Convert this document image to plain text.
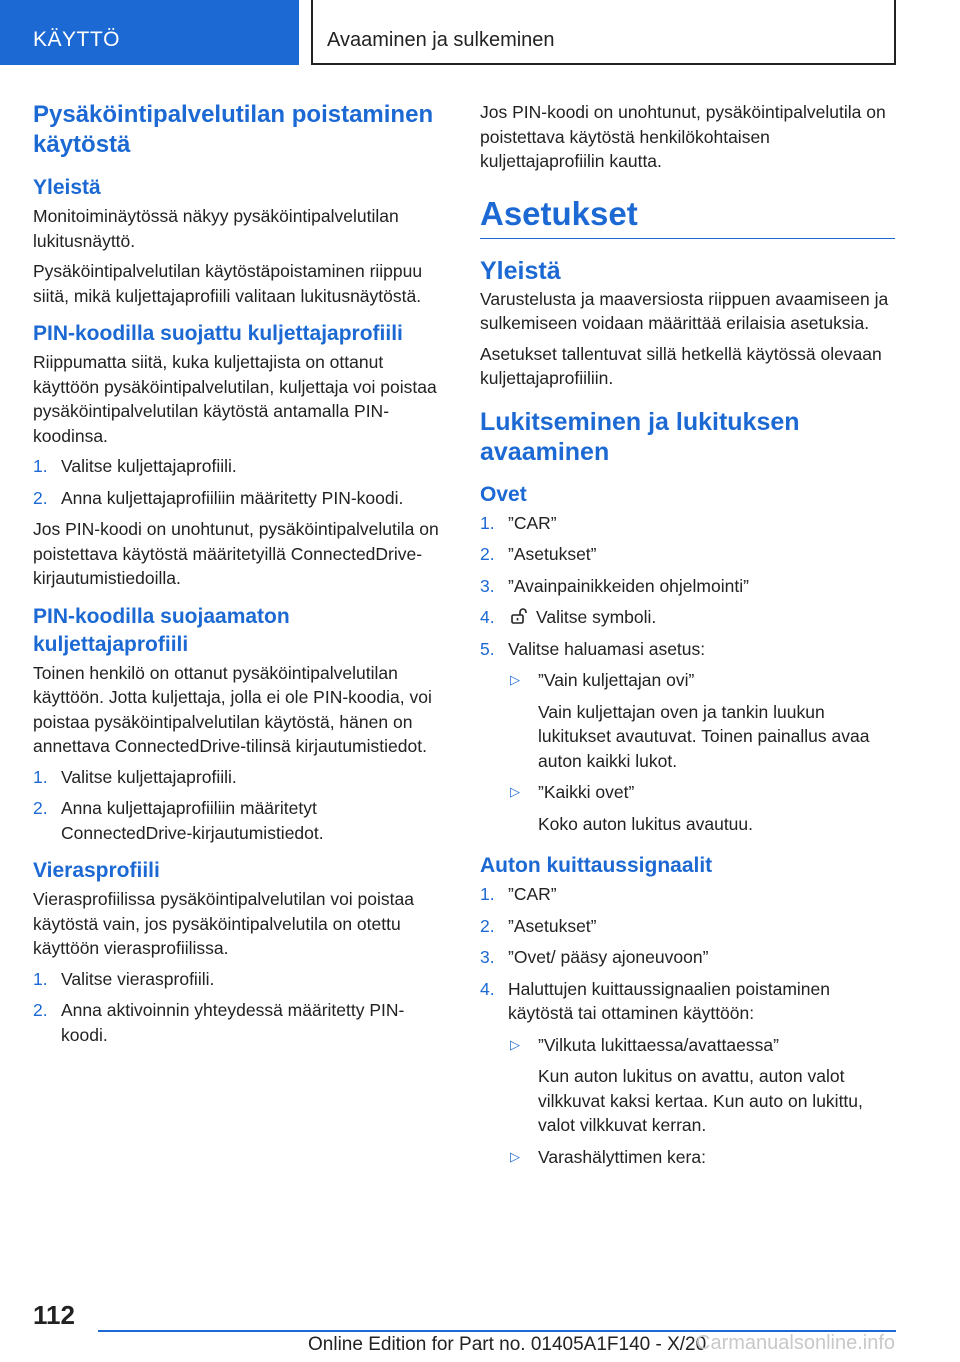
KÄYTTÖ	Avaaminen ja sulkeminen
Pysäköintipalvelutilan poistaminen käytöstä
Yleistä

Monitoiminäytössä näkyy pysäköintipalvelutilan lukitusnäyttö.

Pysäköintipalvelutilan käytöstäpoistaminen riippuu siitä, mikä kuljettajaprofiili valitaan lukitusnäytöstä.

PIN-koodilla suojattu kuljettajaprofiili

Riippumatta siitä, kuka kuljettajista on ottanut käyttöön pysäköintipalvelutilan, kuljettaja voi poistaa pysäköintipalvelutilan käytöstä antamalla PIN-koodinsa.

1. Valitse kuljettajaprofiili.
2. Anna kuljettajaprofiiliin määritetty PIN-koodi.

Jos PIN-koodi on unohtunut, pysäköintipalvelutila on poistettava käytöstä määritetyillä ConnectedDrive-kirjautumistiedoilla.

PIN-koodilla suojaamaton kuljettajaprofiili

Toinen henkilö on ottanut pysäköintipalvelutilan käyttöön. Jotta kuljettaja, jolla ei ole PIN-koodia, voi poistaa pysäköintipalvelutilan käytöstä, hänen on annettava ConnectedDrive-tilinsä kirjautumistiedot.

1. Valitse kuljettajaprofiili.
2. Anna kuljettajaprofiiliin määritetyt ConnectedDrive-kirjautumistiedot.
Vierasprofiili

Vierasprofiilissa pysäköintipalvelutilan voi poistaa käytöstä vain, jos pysäköintipalvelutila on otettu käyttöön vierasprofiilissa.

1. Valitse vierasprofiili.
2. Anna aktivoinnin yhteydessä määritetty PIN-koodi.

Jos PIN-koodi on unohtunut, pysäköintipalvelutila on poistettava käytöstä henkilökohtaisen kuljettajaprofiilin kautta.

Asetukset
Yleistä

Varustelusta ja maaversiosta riippuen avaamiseen ja sulkemiseen voidaan määrittää erilaisia asetuksia.

Asetukset tallentuvat sillä hetkellä käytössä olevaan kuljettajaprofiiliin.

Lukitseminen ja lukituksen avaaminen
Ovet
1. ”CAR”
2. ”Asetukset”
3. ”Avainpainikkeiden ohjelmointi”
4. Valitse symboli.
5. Valitse haluamasi asetus:
▷ ”Vain kuljettajan ovi”
Vain kuljettajan oven ja tankin luukun lukitukset avautuvat. Toinen painallus avaa auton kaikki lukot.
▷ ”Kaikki ovet”
Koko auton lukitus avautuu.
Auton kuittaussignaalit
1. ”CAR”
2. ”Asetukset”
3. ”Ovet/ pääsy ajoneuvoon”
4. Haluttujen kuittaussignaalien poistaminen käytöstä tai ottaminen käyttöön:
▷ ”Vilkuta lukittaessa/avattaessa”
Kun auton lukitus on avattu, auton valot vilkkuvat kaksi kertaa. Kun auto on lukittu, valot vilkkuvat kerran.
▷ Varashälyttimen kera:
112
Online Edition for Part no. 01405A1F140 - X/20
Carmanualsonline.info
